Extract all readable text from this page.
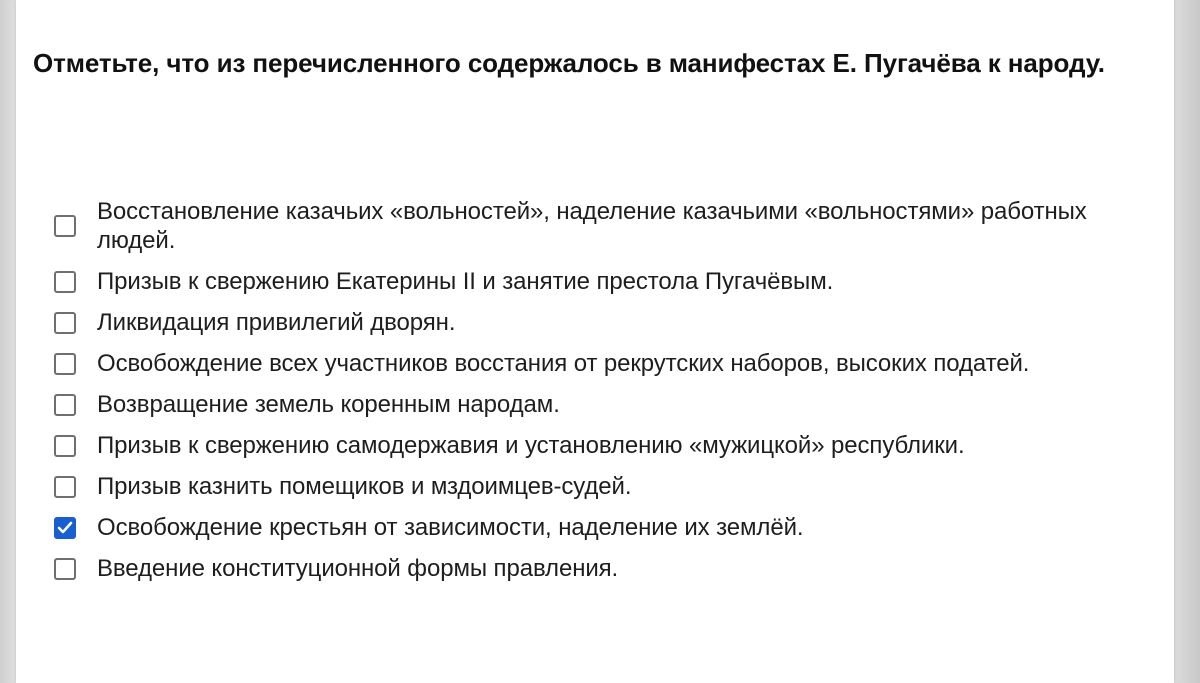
Отметьте, что из перечисленного содержалось в манифестах Е. Пугачёва к народу.
Восстановление казачьих «вольностей», наделение казачьими «вольностями» работных людей.
Призыв к свержению Екатерины II и занятие престола Пугачёвым.
Ликвидация привилегий дворян.
Освобождение всех участников восстания от рекрутских наборов, высоких податей.
Возвращение земель коренным народам.
Призыв к свержению самодержавия и установлению «мужицкой» республики.
Призыв казнить помещиков и мздоимцев-судей.
Освобождение крестьян от зависимости, наделение их землёй.
Введение конституционной формы правления.
